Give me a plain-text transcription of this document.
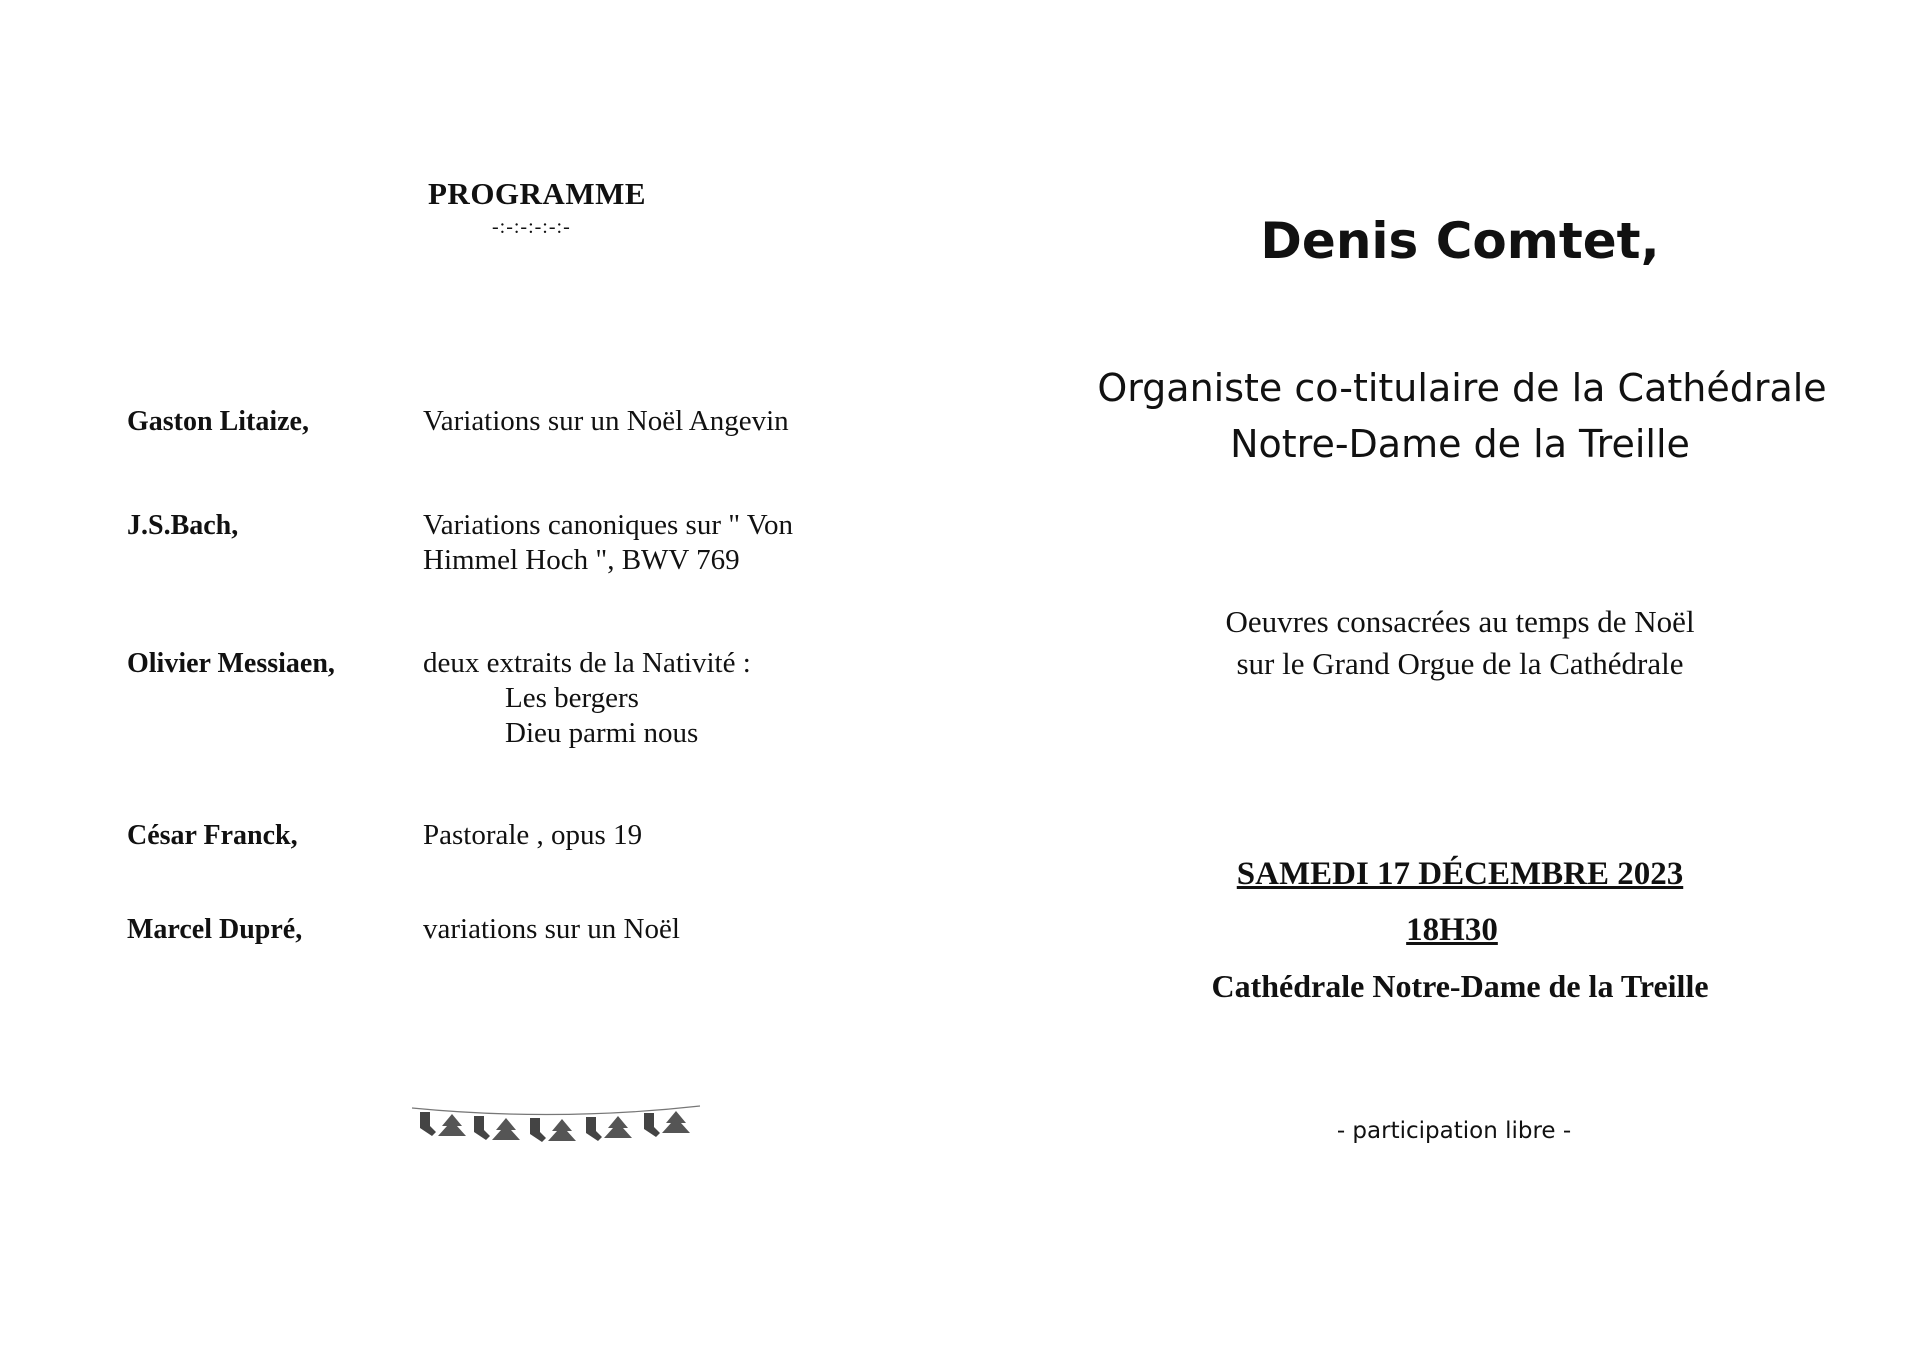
PROGRAMME
-:-:-:-:-:-
Gaston Litaize,	Variations sur un Noël Angevin
J.S.Bach,	Variations canoniques sur " Von
Himmel Hoch ", BWV 769
Olivier Messiaen,	deux extraits de la Nativité :
Les bergers
Dieu parmi nous
César Franck,	Pastorale , opus 19
Marcel Dupré,	variations sur un Noël
Denis Comtet,
Organiste co-titulaire de la Cathédrale
Notre-Dame de la Treille
Oeuvres consacrées au temps de Noël
sur le Grand Orgue de la Cathédrale
SAMEDI 17 DÉCEMBRE 2023
18H30
Cathédrale Notre-Dame de la Treille
- participation libre -
